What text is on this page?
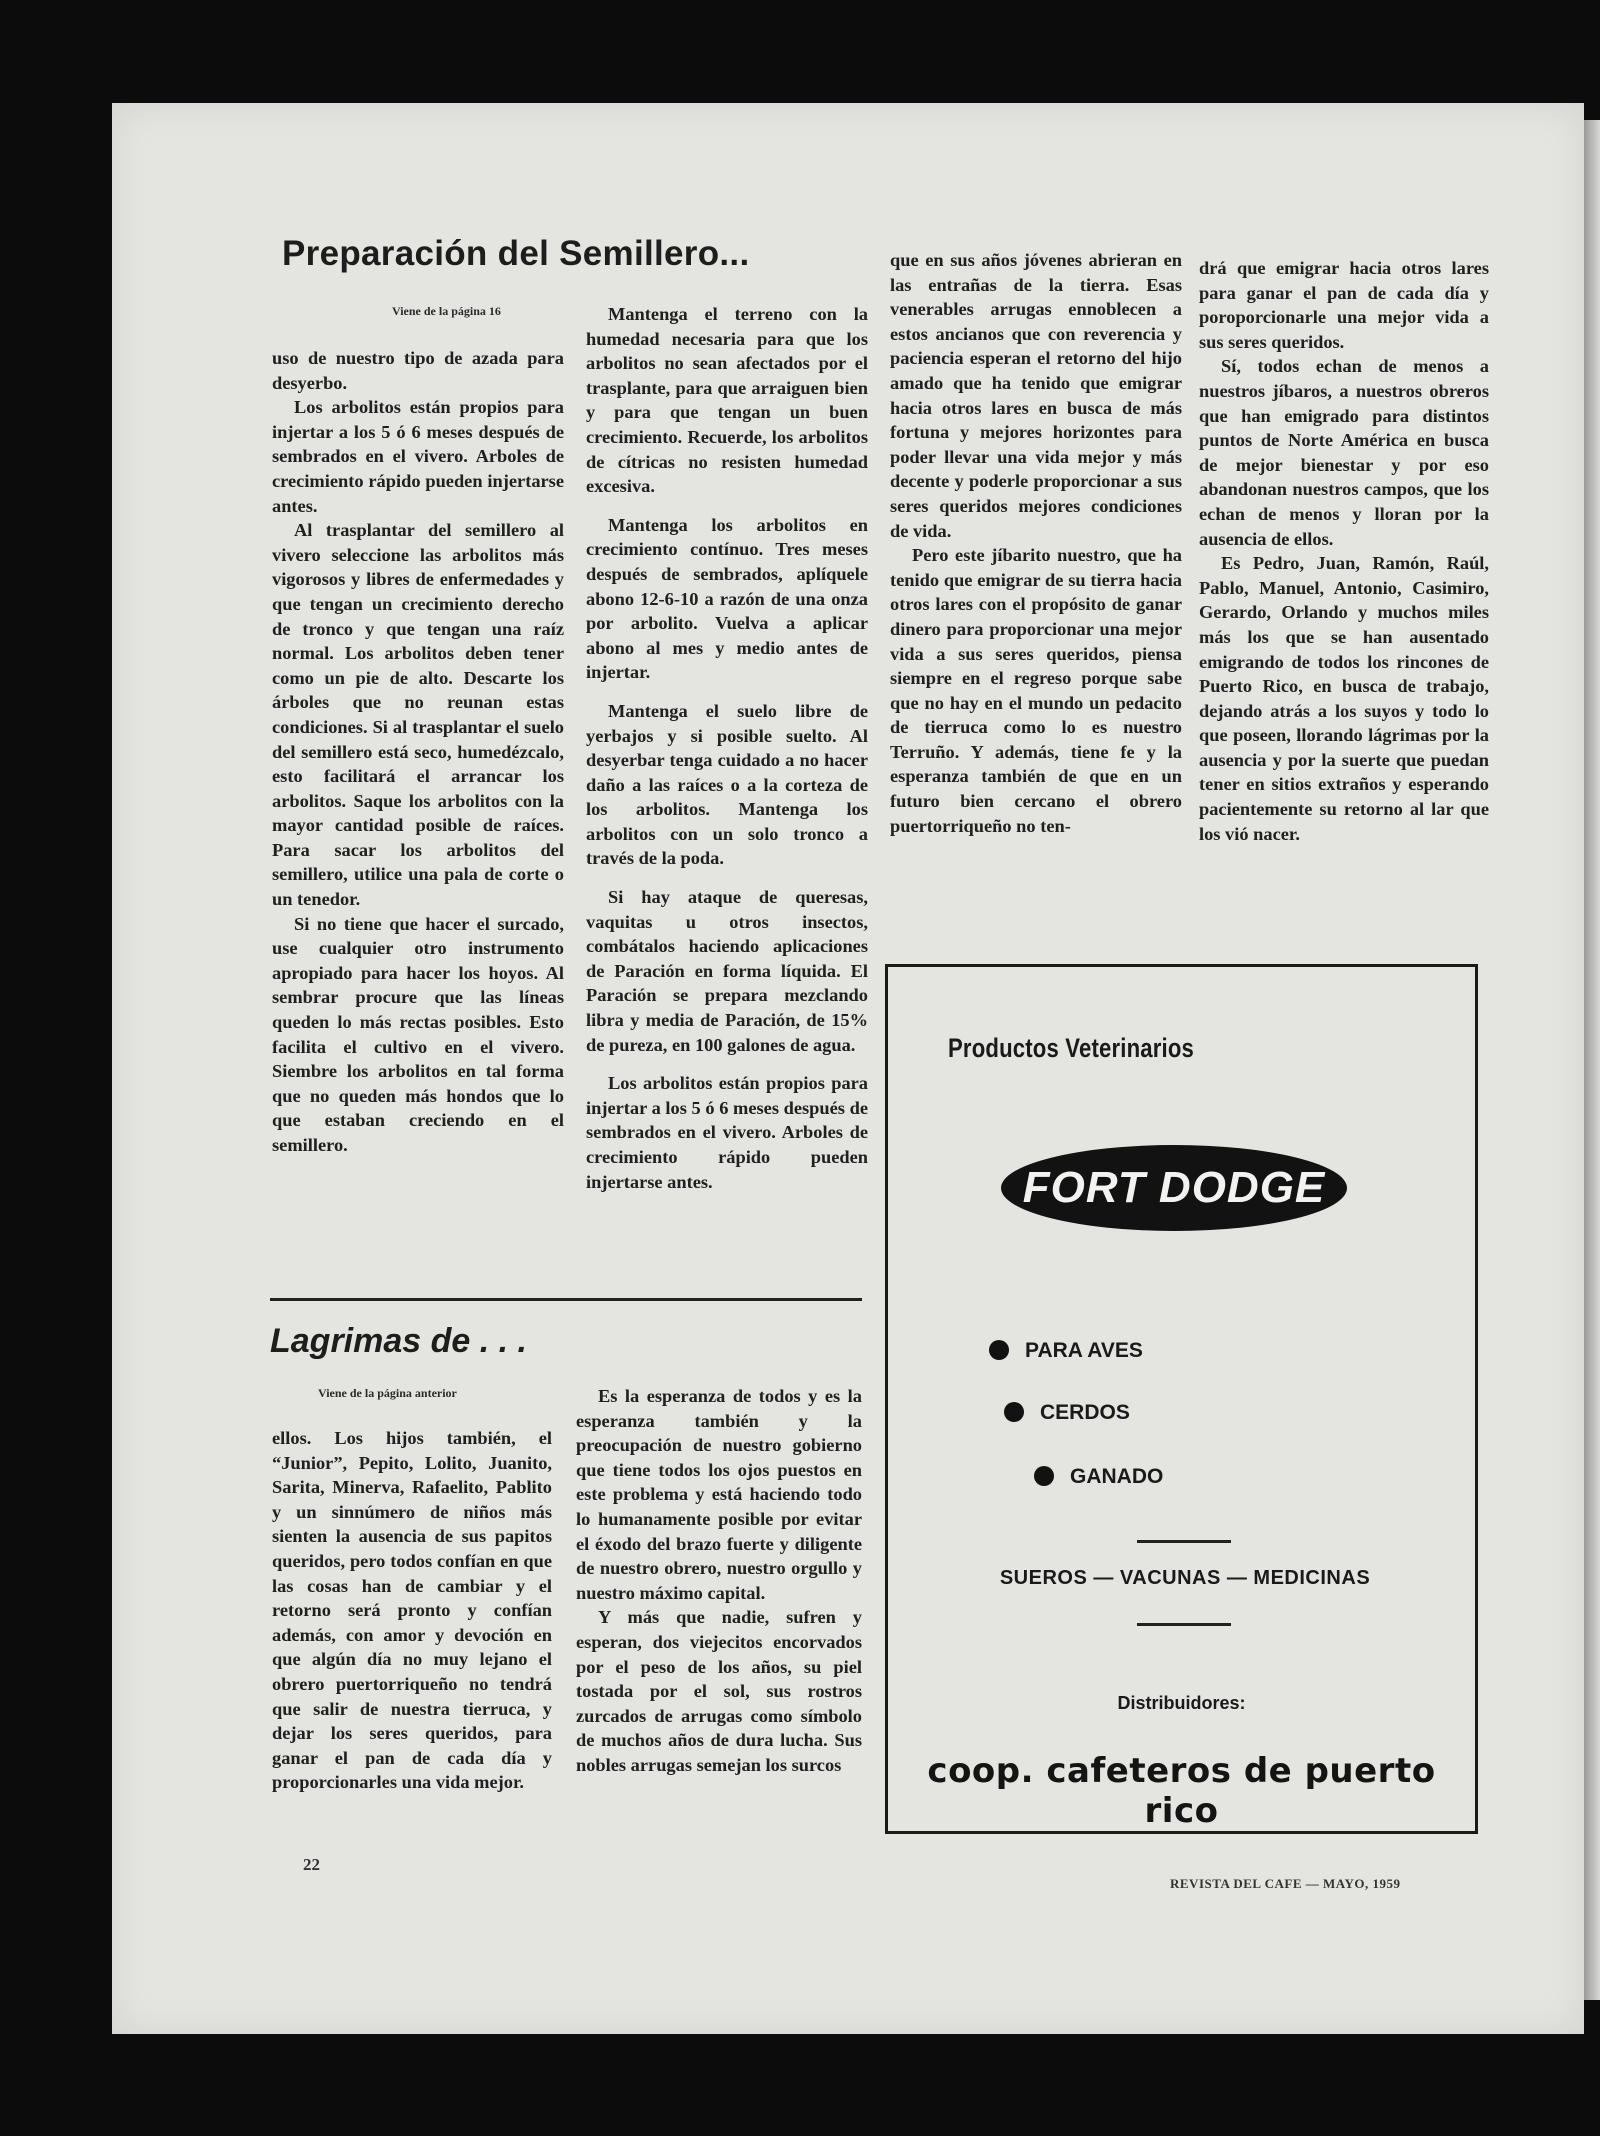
Preparación del Semillero...
Viene de la página 16

uso de nuestro tipo de azada para desyerbo.

Los arbolitos están propios para injertar a los 5 ó 6 meses después de sembrados en el vivero. Arboles de crecimiento rápido pueden injertarse antes.

Al trasplantar del semillero al vivero seleccione las arbolitos más vigorosos y libres de enfermedades y que tengan un crecimiento derecho de tronco y que tengan una raíz normal. Los arbolitos deben tener como un pie de alto. Descarte los árboles que no reunan estas condiciones. Si al trasplantar el suelo del semillero está seco, humedézcalo, esto facilitará el arrancar los arbolitos. Saque los arbolitos con la mayor cantidad posible de raíces. Para sacar los arbolitos del semillero, utilice una pala de corte o un tenedor.

Si no tiene que hacer el surcado, use cualquier otro instrumento apropiado para hacer los hoyos. Al sembrar procure que las líneas queden lo más rectas posibles. Esto facilita el cultivo en el vivero. Siembre los arbolitos en tal forma que no queden más hondos que lo que estaban creciendo en el semillero.

Mantenga el terreno con la humedad necesaria para que los arbolitos no sean afectados por el trasplante, para que arraiguen bien y para que tengan un buen crecimiento. Recuerde, los arbolitos de cítricas no resisten humedad excesiva.

Mantenga los arbolitos en crecimiento contínuo. Tres meses después de sembrados, aplíquele abono 12-6-10 a razón de una onza por arbolito. Vuelva a aplicar abono al mes y medio antes de injertar.

Mantenga el suelo libre de yerbajos y si posible suelto. Al desyerbar tenga cuidado a no hacer daño a las raíces o a la corteza de los arbolitos. Mantenga los arbolitos con un solo tronco a través de la poda.

Si hay ataque de queresas, vaquitas u otros insectos, combátalos haciendo aplicaciones de Paración en forma líquida. El Paración se prepara mezclando libra y media de Paración, de 15% de pureza, en 100 galones de agua.

Los arbolitos están propios para injertar a los 5 ó 6 meses después de sembrados en el vivero. Arboles de crecimiento rápido pueden injertarse antes.

que en sus años jóvenes abrieran en las entrañas de la tierra. Esas venerables arrugas ennoblecen a estos ancianos que con reverencia y paciencia esperan el retorno del hijo amado que ha tenido que emigrar hacia otros lares en busca de más fortuna y mejores horizontes para poder llevar una vida mejor y más decente y poderle proporcionar a sus seres queridos mejores condiciones de vida.

Pero este jíbarito nuestro, que ha tenido que emigrar de su tierra hacia otros lares con el propósito de ganar dinero para proporcionar una mejor vida a sus seres queridos, piensa siempre en el regreso porque sabe que no hay en el mundo un pedacito de tierruca como lo es nuestro Terruño. Y además, tiene fe y la esperanza también de que en un futuro bien cercano el obrero puertorriqueño no ten-

drá que emigrar hacia otros lares para ganar el pan de cada día y poroporcionarle una mejor vida a sus seres queridos.

Sí, todos echan de menos a nuestros jíbaros, a nuestros obreros que han emigrado para distintos puntos de Norte América en busca de mejor bienestar y por eso abandonan nuestros campos, que los echan de menos y lloran por la ausencia de ellos.

Es Pedro, Juan, Ramón, Raúl, Pablo, Manuel, Antonio, Casimiro, Gerardo, Orlando y muchos miles más los que se han ausentado emigrando de todos los rincones de Puerto Rico, en busca de trabajo, dejando atrás a los suyos y todo lo que poseen, llorando lágrimas por la ausencia y por la suerte que puedan tener en sitios extraños y esperando pacientemente su retorno al lar que los vió nacer.

Lagrimas de . . .
Viene de la página anterior

ellos. Los hijos también, el “Junior”, Pepito, Lolito, Juanito, Sarita, Minerva, Rafaelito, Pablito y un sinnúmero de niños más sienten la ausencia de sus papitos queridos, pero todos confían en que las cosas han de cambiar y el retorno será pronto y confían además, con amor y devoción en que algún día no muy lejano el obrero puertorriqueño no tendrá que salir de nuestra tierruca, y dejar los seres queridos, para ganar el pan de cada día y proporcionarles una vida mejor.

Es la esperanza de todos y es la esperanza también y la preocupación de nuestro gobierno que tiene todos los ojos puestos en este problema y está haciendo todo lo humanamente posible por evitar el éxodo del brazo fuerte y diligente de nuestro obrero, nuestro orgullo y nuestro máximo capital.

Y más que nadie, sufren y esperan, dos viejecitos encorvados por el peso de los años, su piel tostada por el sol, sus rostros zurcados de arrugas como símbolo de muchos años de dura lucha. Sus nobles arrugas semejan los surcos

Productos Veterinarios
FORT DODGE
PARA AVES
CERDOS
GANADO
SUEROS — VACUNAS — MEDICINAS
Distribuidores:
coop. cafeteros de puerto rico
22
REVISTA DEL CAFE — MAYO, 1959
